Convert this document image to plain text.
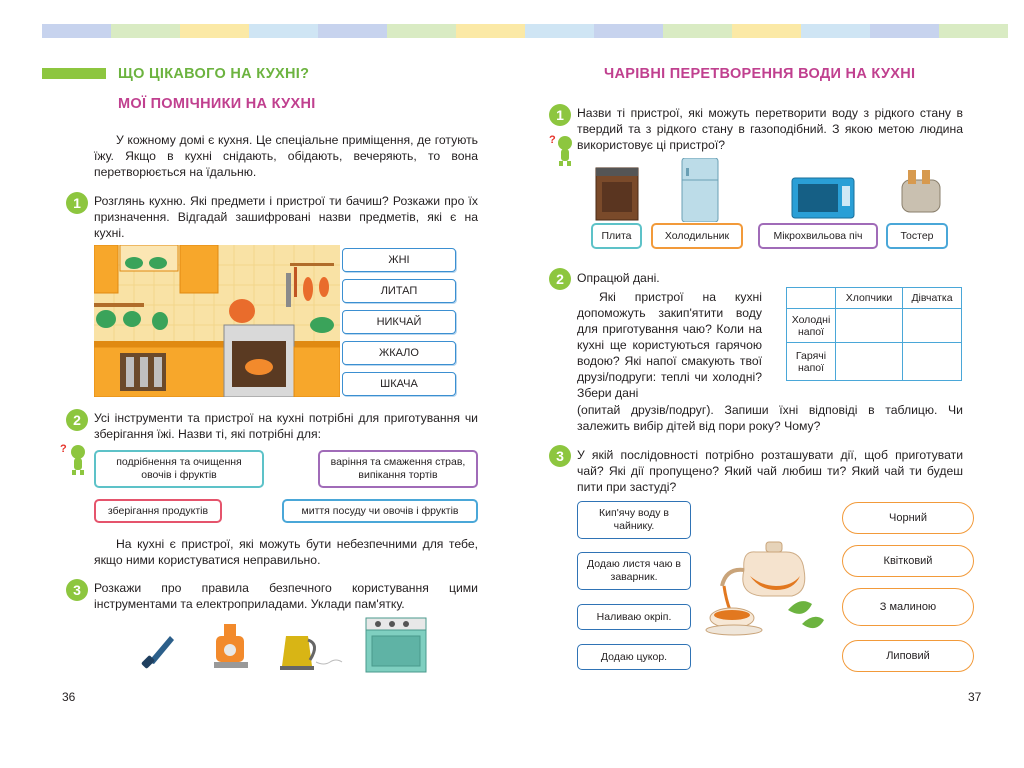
ЩО ЦІКАВОГО НА КУХНІ?
МОЇ ПОМІЧНИКИ НА КУХНІ
У кожному домі є кухня. Це спеціальне приміщення, де готують їжу. Якщо в кухні снідають, обідають, вечеряють, то вона перетворюється на їдальню.
1	Розглянь кухню. Які предмети і пристрої ти бачиш? Розкажи про їх призначення. Відгадай зашифровані назви предметів, які є на кухні.
ЖНІ
ЛИТАП
НИКЧАЙ
ЖКАЛО
ШКАЧА
2	Усі інструменти та пристрої на кухні потрібні для приготування чи зберігання їжі. Назви ті, які потрібні для:
?
подрібнення та очищення овочів і фруктів
варіння та смаження страв, випікання тортів
зберігання продуктів	миття посуду чи овочів і фруктів
На кухні є пристрої, які можуть бути небезпечними для тебе, якщо ними користуватися неправильно.
3	Розкажи про правила безпечного користування цими інструментами та електроприладами. Уклади пам'ятку.
36
ЧАРІВНІ ПЕРЕТВОРЕННЯ ВОДИ НА КУХНІ
1	Назви ті пристрої, які можуть перетворити воду з рідкого стану в твердий та з рідкого стану в газоподібний. З якою метою людина використовує ці пристрої?
?
Плита	Холодильник	Мікрохвильова піч	Тостер
2	Опрацюй дані.
Які пристрої на кухні допоможуть закип'ятити воду для приготування чаю? Коли на кухні ще користуються гарячою водою? Які напої смакують твої друзі/подруги: теплі чи холодні? Збери дані
(опитай друзів/подруг). Запиши їхні відповіді в таблицю. Чи залежить вибір дітей від пори року? Чому?
	Хлопчики	Дівчатка
Холодні напої		
Гарячі напої		
3	У якій послідовності потрібно розташувати дії, щоб приготувати чай? Які дії пропущено? Який чай любиш ти? Який чай ти будеш пити при застуді?
Кип'ячу воду в чайнику.
Додаю листя чаю в заварник.
Наливаю окріп.
Додаю цукор.
Чорний
Квітковий
З малиною
Липовий
37
